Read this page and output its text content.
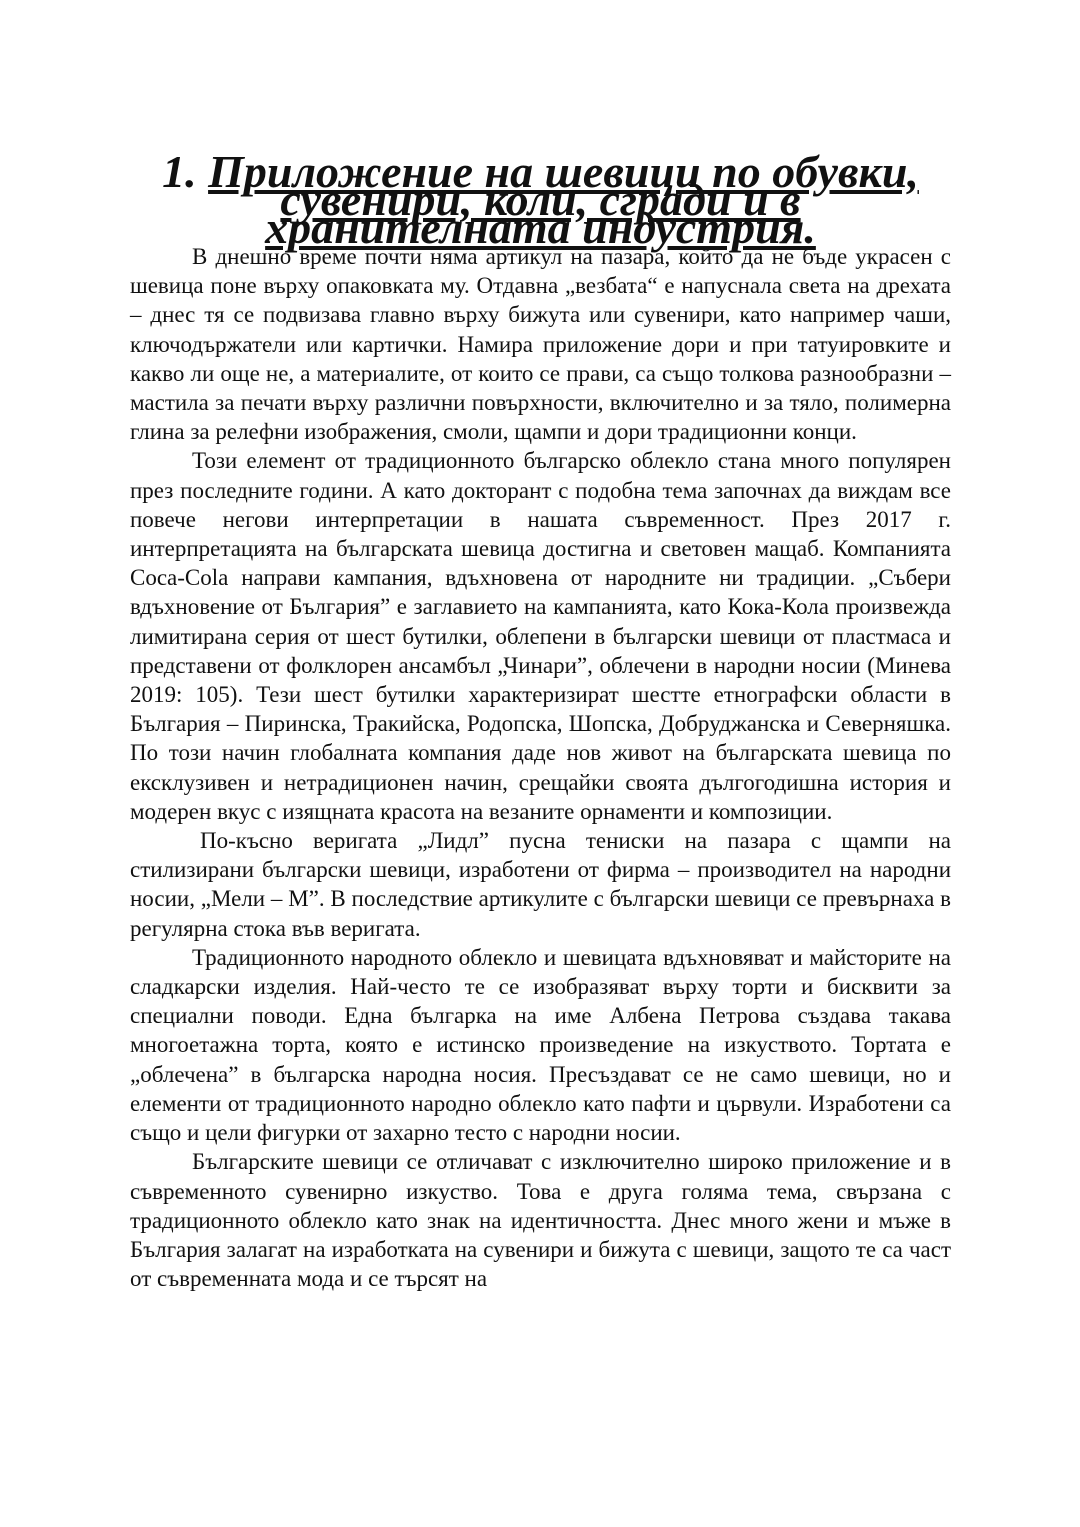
1. Приложение на шевици по обувки, сувенири, коли, сгради и в хранителната индустрия.

В днешно време почти няма артикул на пазара, който да не бъде украсен с шевица поне върху опаковката му. Отдавна „везбата“ е напуснала света на дрехата – днес тя се подвизава главно върху бижута или сувенири, като например чаши, ключодържатели или картички. Намира приложение дори и при татуировките и какво ли още не, а материалите, от които се прави, са също толкова разнообразни – мастила за печати върху различни повърхности, включително и за тяло, полимерна глина за релефни изображения, смоли, щампи и дори традиционни конци.

Този елемент от традиционното българско облекло стана много популярен през последните години. А като докторант с подобна тема започнах да виждам все повече негови интерпретации в нашата съвременност. През 2017 г. интерпретацията на българската шевица достигна и световен мащаб. Компанията Coca-Cola направи кампания, вдъхновена от народните ни традиции. „Събери вдъхновение от България” е заглавието на кампанията, като Кока-Кола произвежда лимитирана серия от шест бутилки, облепени в български шевици от пластмаса и представени от фолклорен ансамбъл „Чинари”, облечени в народни носии (Минева 2019: 105). Тези шест бутилки характеризират шестте етнографски области в България – Пиринска, Тракийска, Родопска, Шопска, Добруджанска и Северняшка. По този начин глобалната компания даде нов живот на българската шевица по ексклузивен и нетрадиционен начин, срещайки своята дългогодишна история и модерен вкус с изящната красота на везаните орнаменти и композиции.

По-късно веригата „Лидл” пусна тениски на пазара с щампи на стилизирани български шевици, изработени от фирма – производител на народни носии, „Мели – М”. В последствие артикулите с български шевици се превърнаха в регулярна стока във веригата.

Традиционното народното облекло и шевицата вдъхновяват и майсторите на сладкарски изделия. Най-често те се изобразяват върху торти и бисквити за специални поводи. Една българка на име Албена Петрова създава такава многоетажна торта, която е истинско произведение на изкуството. Тортата е „облечена” в българска народна носия. Пресъздават се не само шевици, но и елементи от традиционното народно облекло като пафти и цървули. Изработени са също и цели фигурки от захарно тесто с народни носии.

Българските шевици се отличават с изключително широко приложение и в съвременното сувенирно изкуство. Това е друга голяма тема, свързана с традиционното облекло като знак на идентичността. Днес много жени и мъже в България залагат на изработката на сувенири и бижута с шевици, защото те са част от съвременната мода и се търсят на
